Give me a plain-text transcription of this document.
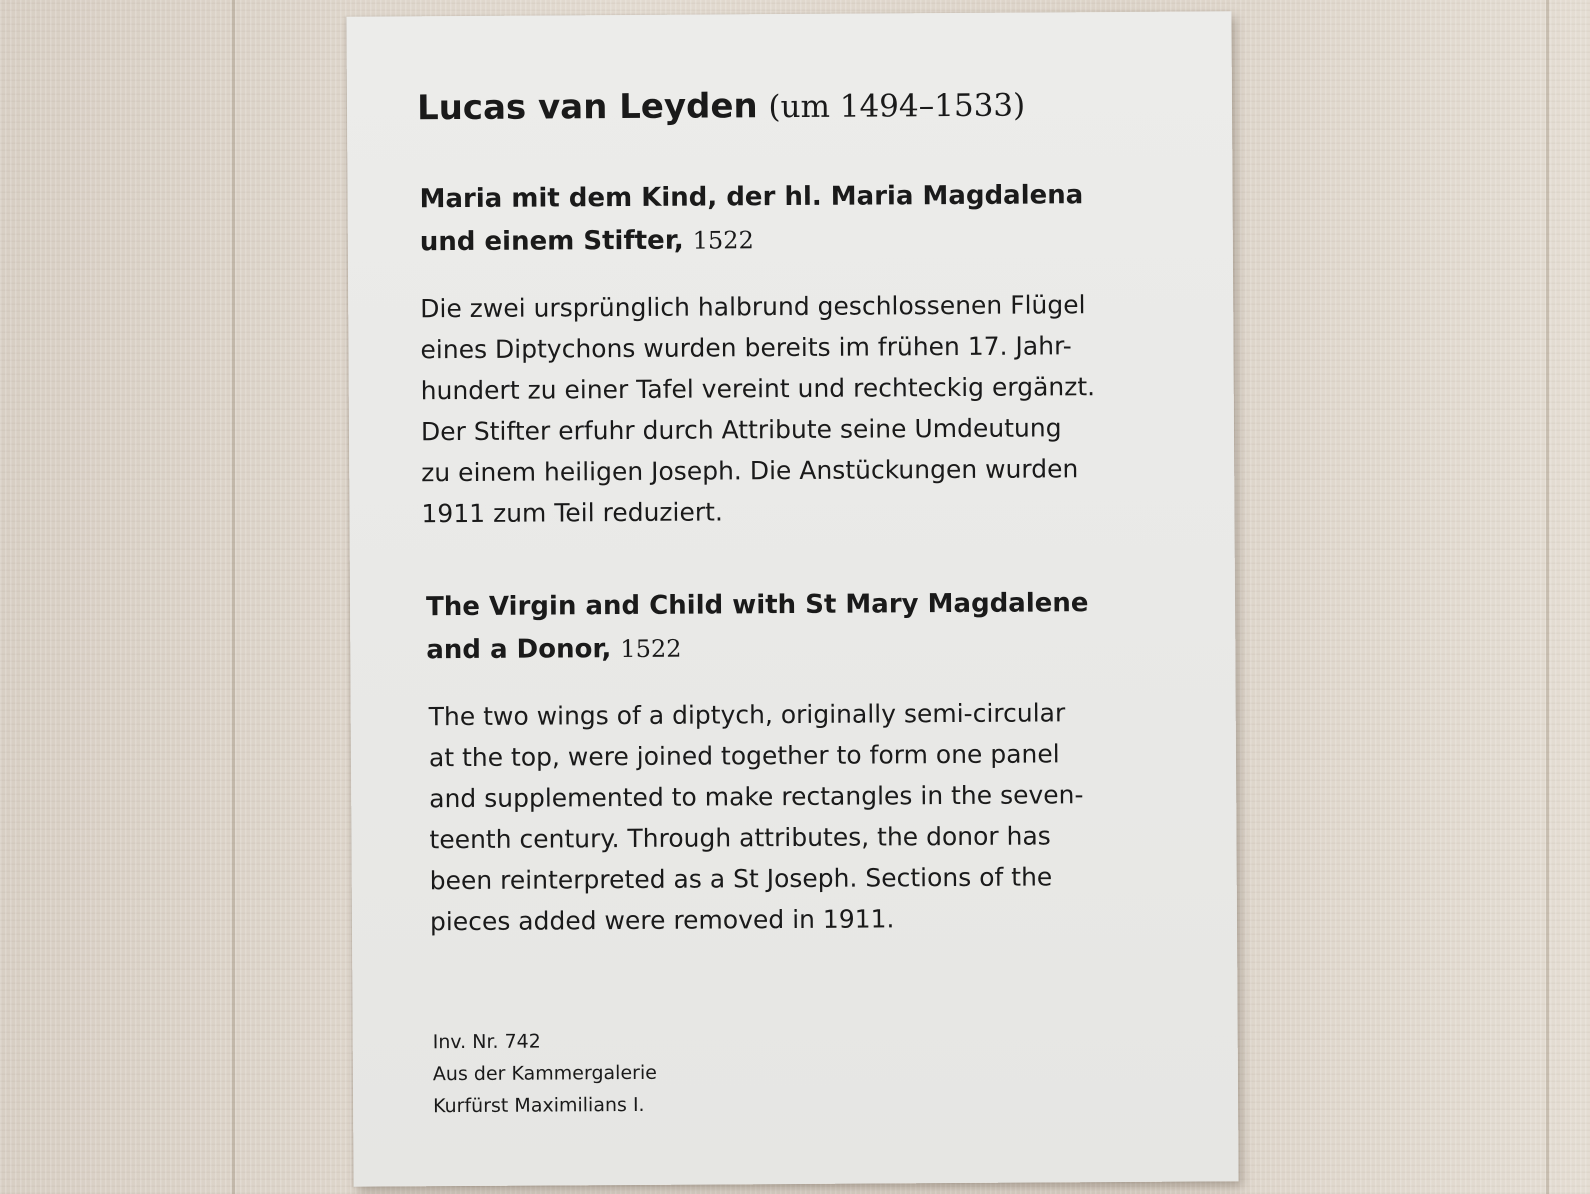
Lucas van Leyden (um 1494–1533)
Maria mit dem Kind, der hl. Maria Magdalena
und einem Stifter, 1522
Die zwei ursprünglich halbrund geschlossenen Flügel
eines Diptychons wurden bereits im frühen 17. Jahr-
hundert zu einer Tafel vereint und rechteckig ergänzt.
Der Stifter erfuhr durch Attribute seine Umdeutung
zu einem heiligen Joseph. Die Anstückungen wurden
1911 zum Teil reduziert.
The Virgin and Child with St Mary Magdalene
and a Donor, 1522
The two wings of a diptych, originally semi-circular
at the top, were joined together to form one panel
and supplemented to make rectangles in the seven-
teenth century. Through attributes, the donor has
been reinterpreted as a St Joseph. Sections of the
pieces added were removed in 1911.
Inv. Nr. 742
Aus der Kammergalerie
Kurfürst Maximilians I.
